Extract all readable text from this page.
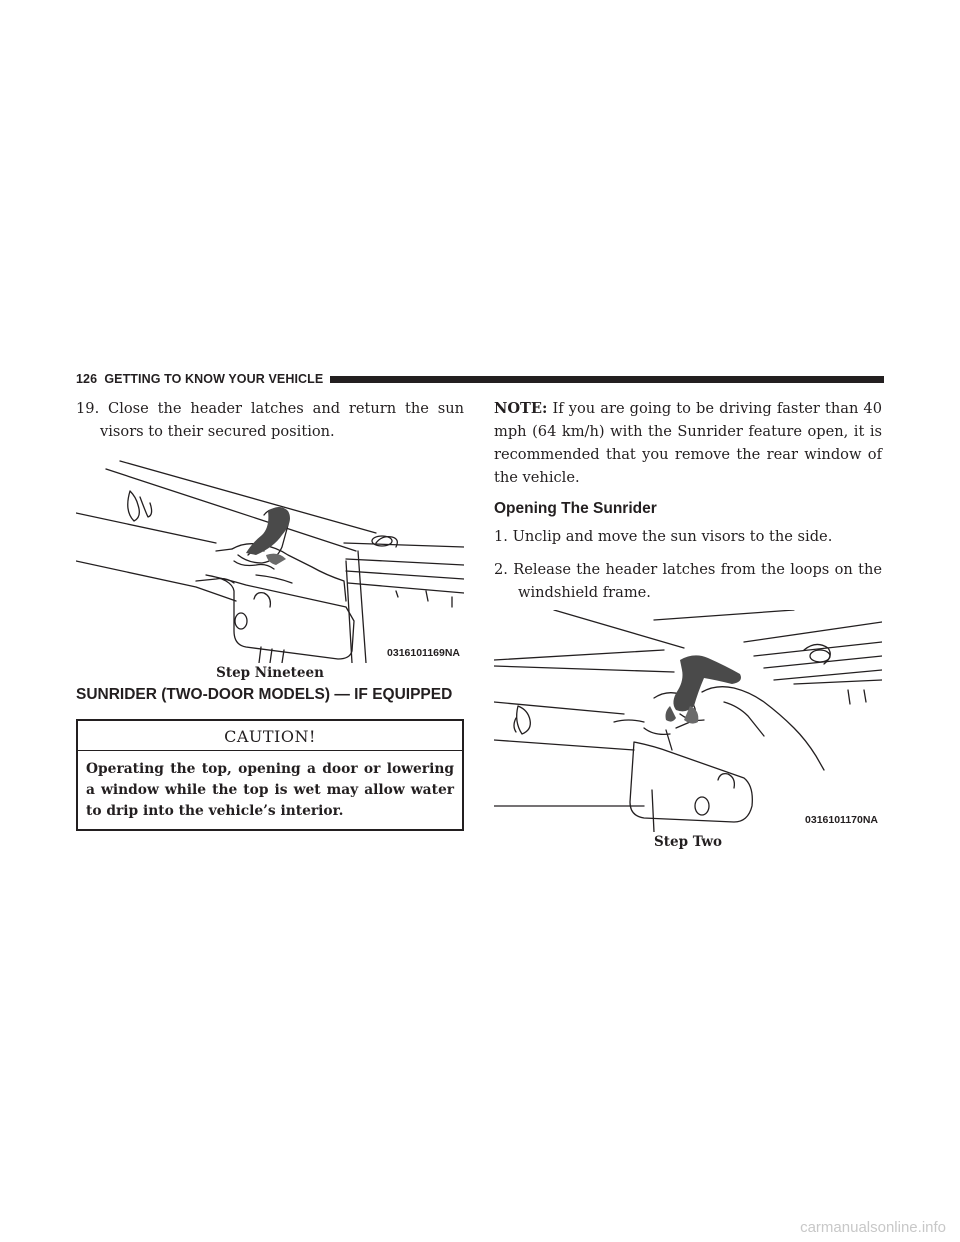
126 GETTING TO KNOW YOUR VEHICLE

19. Close the header latches and return the sun visors to their secured position.

0316101169NA
Step Nineteen
SUNRIDER (TWO-DOOR MODELS) — IF EQUIPPED
CAUTION!
Operating the top, opening a door or lowering a window while the top is wet may allow water to drip into the vehicle’s interior.

NOTE: If you are going to be driving faster than 40 mph (64 km/h) with the Sunrider feature open, it is recommended that you remove the rear window of the vehicle.

Opening The Sunrider

1. Unclip and move the sun visors to the side.

2. Release the header latches from the loops on the windshield frame.

0316101170NA
Step Two
carmanualsonline.info
